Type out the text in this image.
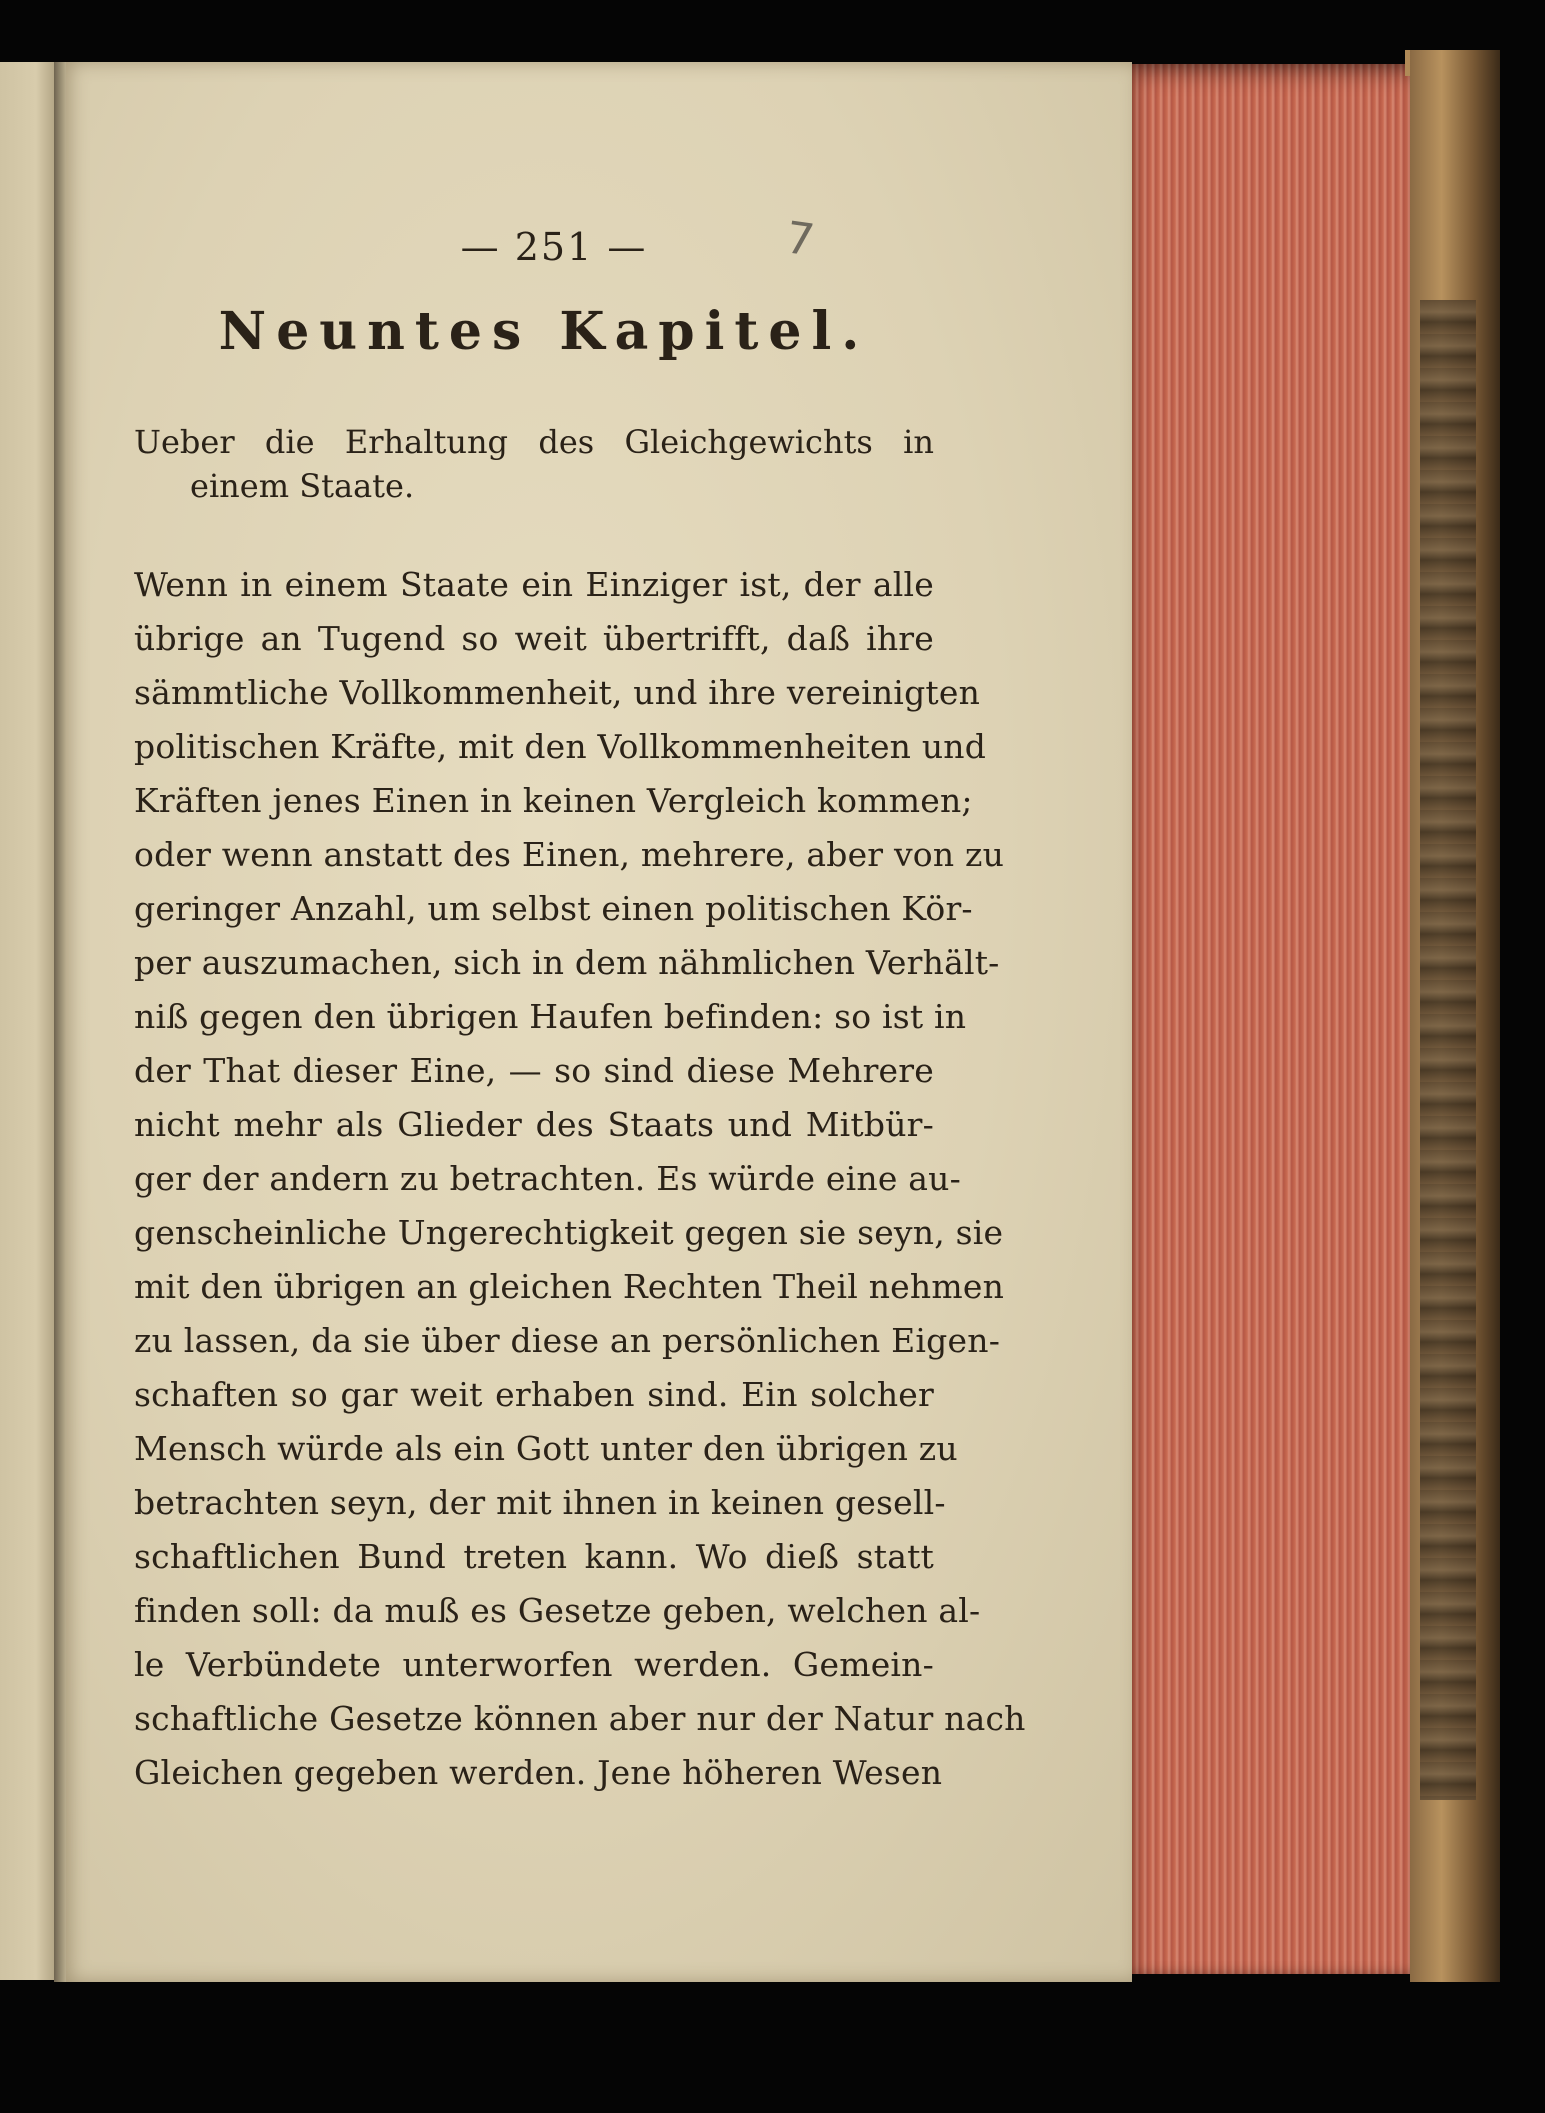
7
— 251 —
Neuntes Kapitel.
Ueber die Erhaltung des Gleichgewichts in einem Staate.
Wenn in einem Staate ein Einziger ist, der alle
übrige an Tugend so weit übertrifft, daß ihre
sämmtliche Vollkommenheit, und ihre vereinigten
politischen Kräfte, mit den Vollkommenheiten und
Kräften jenes Einen in keinen Vergleich kommen;
oder wenn anstatt des Einen, mehrere, aber von zu
geringer Anzahl, um selbst einen politischen Kör-
per auszumachen, sich in dem nähmlichen Verhält-
niß gegen den übrigen Haufen befinden: so ist in
der That dieser Eine, — so sind diese Mehrere
nicht mehr als Glieder des Staats und Mitbür-
ger der andern zu betrachten. Es würde eine au-
genscheinliche Ungerechtigkeit gegen sie seyn, sie
mit den übrigen an gleichen Rechten Theil nehmen
zu lassen, da sie über diese an persönlichen Eigen-
schaften so gar weit erhaben sind. Ein solcher
Mensch würde als ein Gott unter den übrigen zu
betrachten seyn, der mit ihnen in keinen gesell-
schaftlichen Bund treten kann. Wo dieß statt
finden soll: da muß es Gesetze geben, welchen al-
le Verbündete unterworfen werden. Gemein-
schaftliche Gesetze können aber nur der Natur nach
Gleichen gegeben werden. Jene höheren Wesen
